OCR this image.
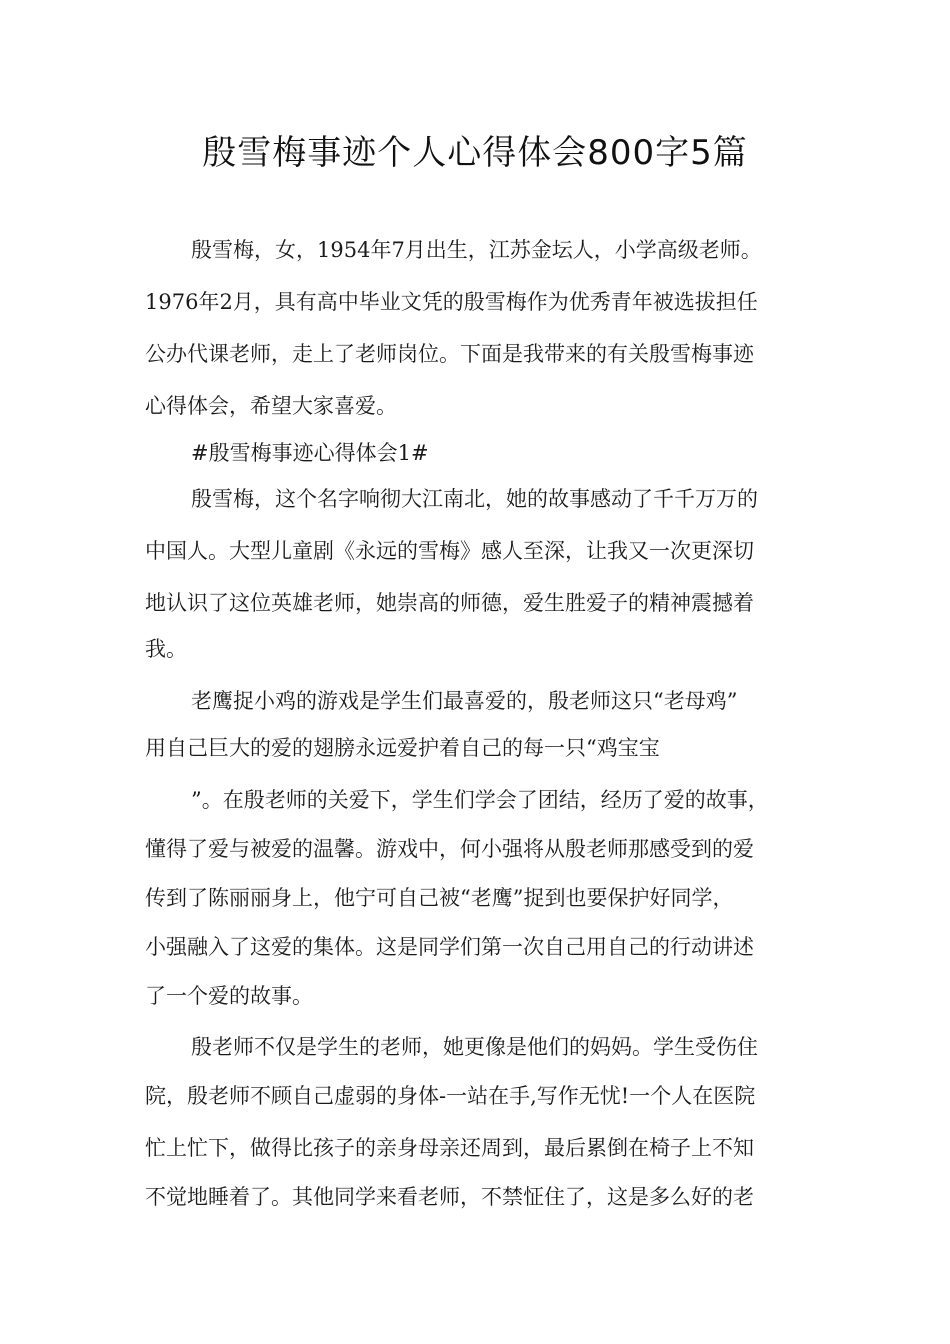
殷雪梅事迹个人心得体会800字5篇
殷雪梅，女，1954年7月出生，江苏金坛人，小学高级老师。
1976年2月，具有高中毕业文凭的殷雪梅作为优秀青年被选拔担任
公办代课老师，走上了老师岗位。下面是我带来的有关殷雪梅事迹
心得体会，希望大家喜爱。
#殷雪梅事迹心得体会1#
殷雪梅，这个名字响彻大江南北，她的故事感动了千千万万的
中国人。大型儿童剧《永远的雪梅》感人至深，让我又一次更深切
地认识了这位英雄老师，她崇高的师德，爱生胜爱子的精神震撼着
我。
老鹰捉小鸡的游戏是学生们最喜爱的，殷老师这只“老母鸡”
用自己巨大的爱的翅膀永远爱护着自己的每一只“鸡宝宝
”。在殷老师的关爱下，学生们学会了团结，经历了爱的故事，
懂得了爱与被爱的温馨。游戏中，何小强将从殷老师那感受到的爱
传到了陈丽丽身上，他宁可自己被“老鹰”捉到也要保护好同学，
小强融入了这爱的集体。这是同学们第一次自己用自己的行动讲述
了一个爱的故事。
殷老师不仅是学生的老师，她更像是他们的妈妈。学生受伤住
院，殷老师不顾自己虚弱的身体-一站在手,写作无忧!一个人在医院
忙上忙下，做得比孩子的亲身母亲还周到，最后累倒在椅子上不知
不觉地睡着了。其他同学来看老师，不禁怔住了，这是多么好的老
